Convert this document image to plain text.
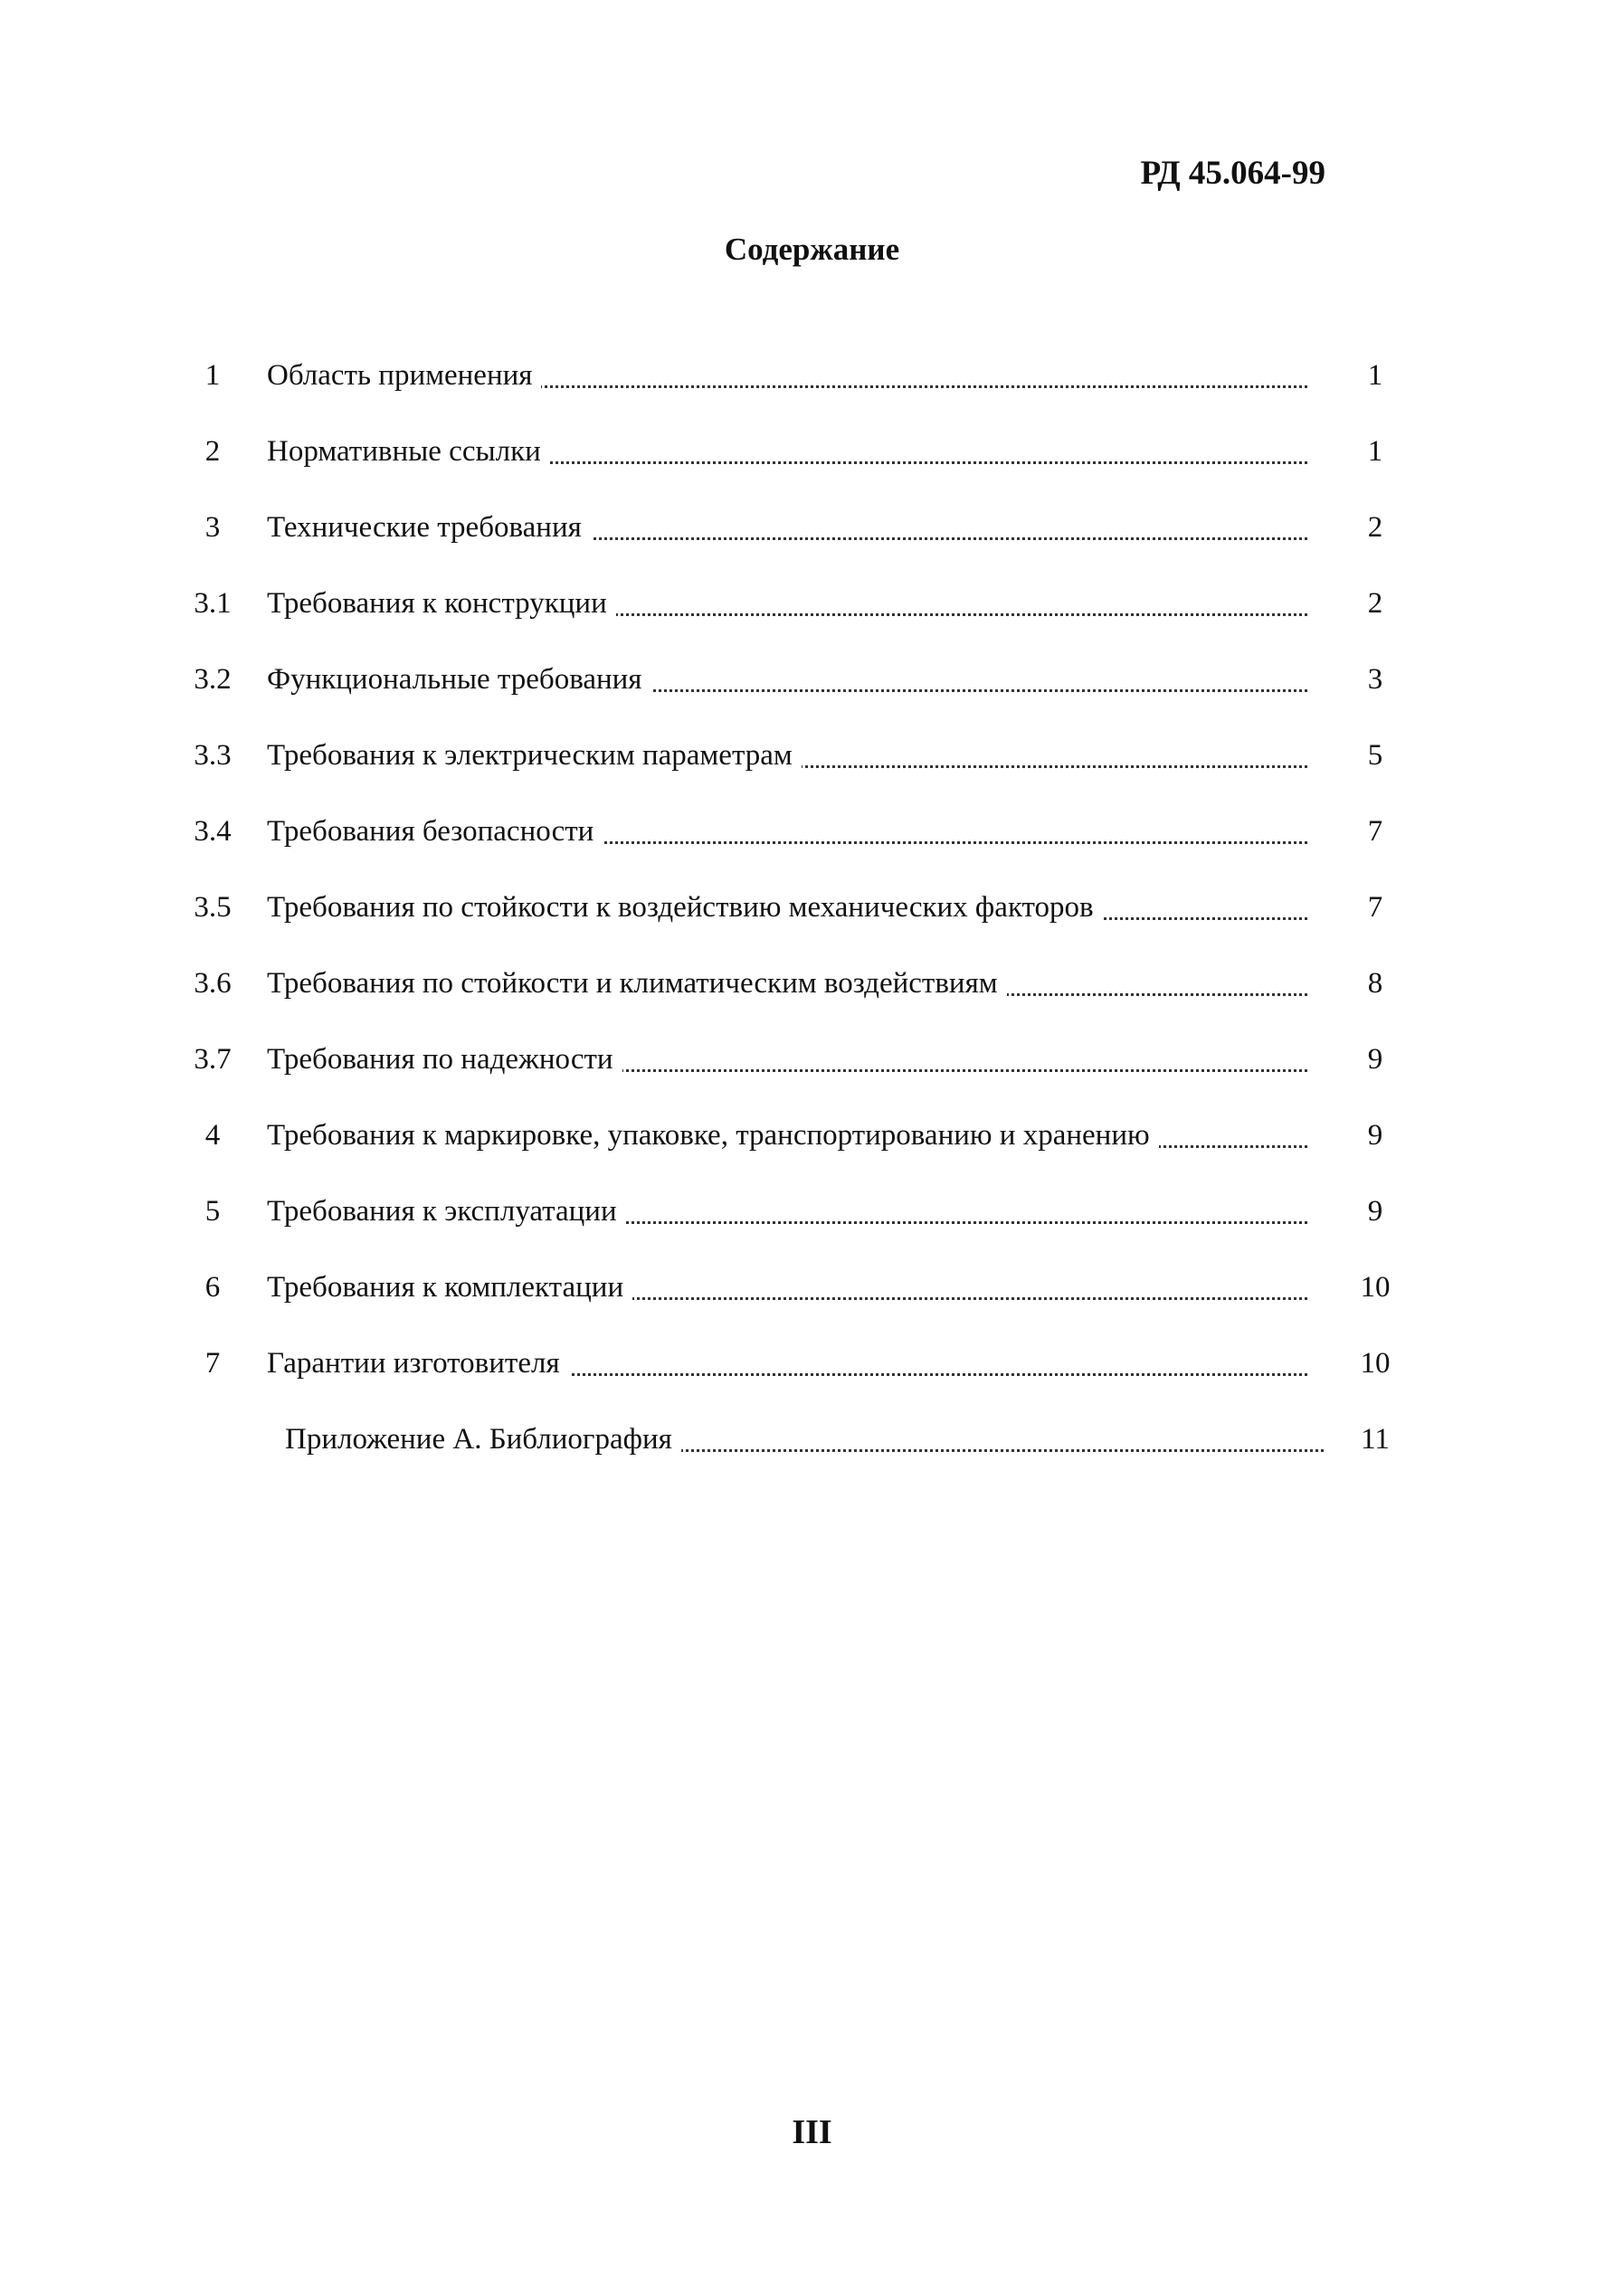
РД 45.064-99
Содержание
1	Область применения	1
2	Нормативные ссылки	1
3	Технические требования	2
3.1	Требования к конструкции	2
3.2	Функциональные требования	3
3.3	Требования к электрическим параметрам	5
3.4	Требования безопасности	7
3.5	Требования по стойкости к воздействию механических факторов	7
3.6	Требования по стойкости и климатическим воздействиям	8
3.7	Требования по надежности	9
4	Требования к маркировке, упаковке, транспортированию и хранению	9
5	Требования к эксплуатации	9
6	Требования к комплектации	10
7	Гарантии изготовителя	10
Приложение А. Библиография	11
III
